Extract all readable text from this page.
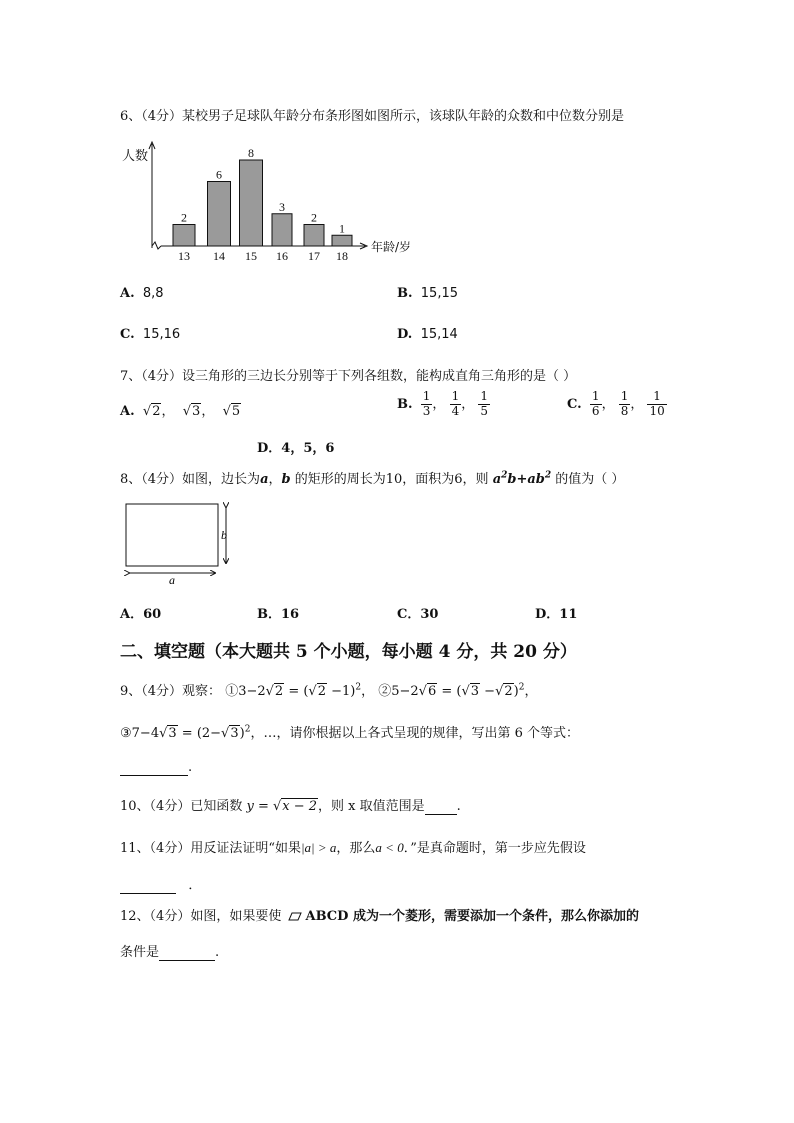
6、（4分）某校男子足球队年龄分布条形图如图所示，该球队年龄的众数和中位数分别是
人数
年龄/岁
2
13
6
14
8
15
3
16
2
17
1
18
A. 8,8	B. 15,15
C. 15,16	D. 15,14
7、（4分）设三角形的三边长分别等于下列各组数，能构成直角三角形的是（ ）
A.  √2，  √3，  √5	B. $\frac{1}{3}$ ， $\frac{1}{4}$ ， $\frac{1}{5}$	C. $\frac{1}{6}$ ， $\frac{1}{8}$ ， $\frac{1}{10}$
D．4，5，6
8、（4分）如图，边长为a，b 的矩形的周长为10，面积为6，则 $a^2b+ab^2$ 的值为（ ）
b
a
A．60	B．16	C．30	D．11
二、填空题（本大题共 5 个小题，每小题 4 分，共 20 分）
9、（4分）观察： ①3−2√2 = $(√2 -1)^2$， ②5−2√6 = $(√3 -√2)^2$，
③7−4√3 = $(2-√3)^2$，…，请你根据以上各式呈现的规律，写出第 6 个等式：
.
10、（4分）已知函数 y = √x − 2，则 x 取值范围是 .
11、（4分）用反证法证明“如果|a| > a，那么a < 0．”是真命题时，第一步应先假设
．
12、（4分）如图，如果要使 ABCD 成为一个菱形，需要添加一个条件，那么你添加的
条件是	.
